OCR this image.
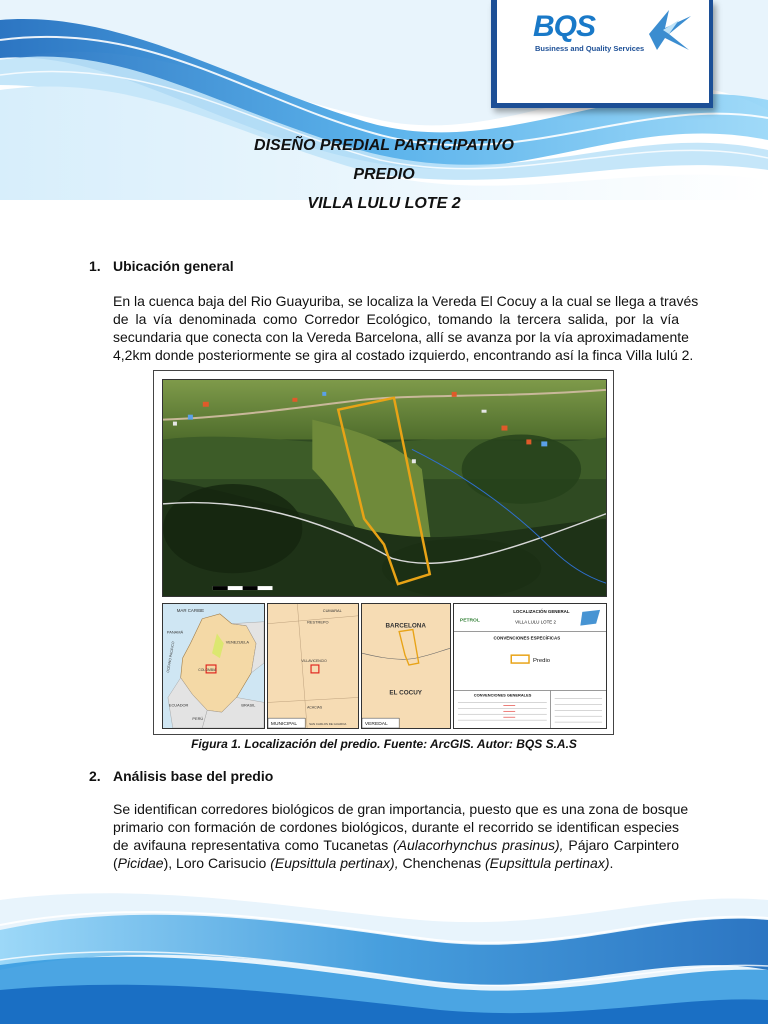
BQS
Business and Quality Services
DISEÑO PREDIAL PARTICIPATIVO
PREDIO
VILLA LULU LOTE 2
1. Ubicación general
En la cuenca baja del Rio Guayuriba, se localiza la Vereda El Cocuy a la cual se llega a través
de la vía denominada como Corredor Ecológico, tomando la tercera salida, por la vía
secundaria que conecta con la Vereda Barcelona, allí se avanza por la vía aproximadamente
4,2km donde posteriormente se gira al costado izquierdo, encontrando así la finca Villa lulú 2.
MAR CARIBE
PANAMÁ
VENEZUELA
OCEANO PACIFICO
ECUADOR
PERÚ
BRASIL
COLOMBIA
CUMARAL
RESTREPO
VILLAVICENCIO
ACACIAS
MUNICIPAL	SAN CARLOS DE GUAROA
BARCELONA
EL COCUY
VEREDAL
PETROL
LOCALIZACIÓN GENERAL
VILLA LULU LOTE 2
CONVENCIONES ESPECÍFICAS
Predio
CONVENCIONES GENERALES
Figura 1. Localización del predio. Fuente: ArcGIS. Autor: BQS S.A.S
2. Análisis base del predio
Se identifican corredores biológicos de gran importancia, puesto que es una zona de bosque
primario con formación de cordones biológicos, durante el recorrido se identifican especies
de avifauna representativa como Tucanetas (Aulacorhynchus prasinus), Pájaro Carpintero
(Picidae), Loro Carisucio (Eupsittula pertinax), Chenchenas (Eupsittula pertinax).
